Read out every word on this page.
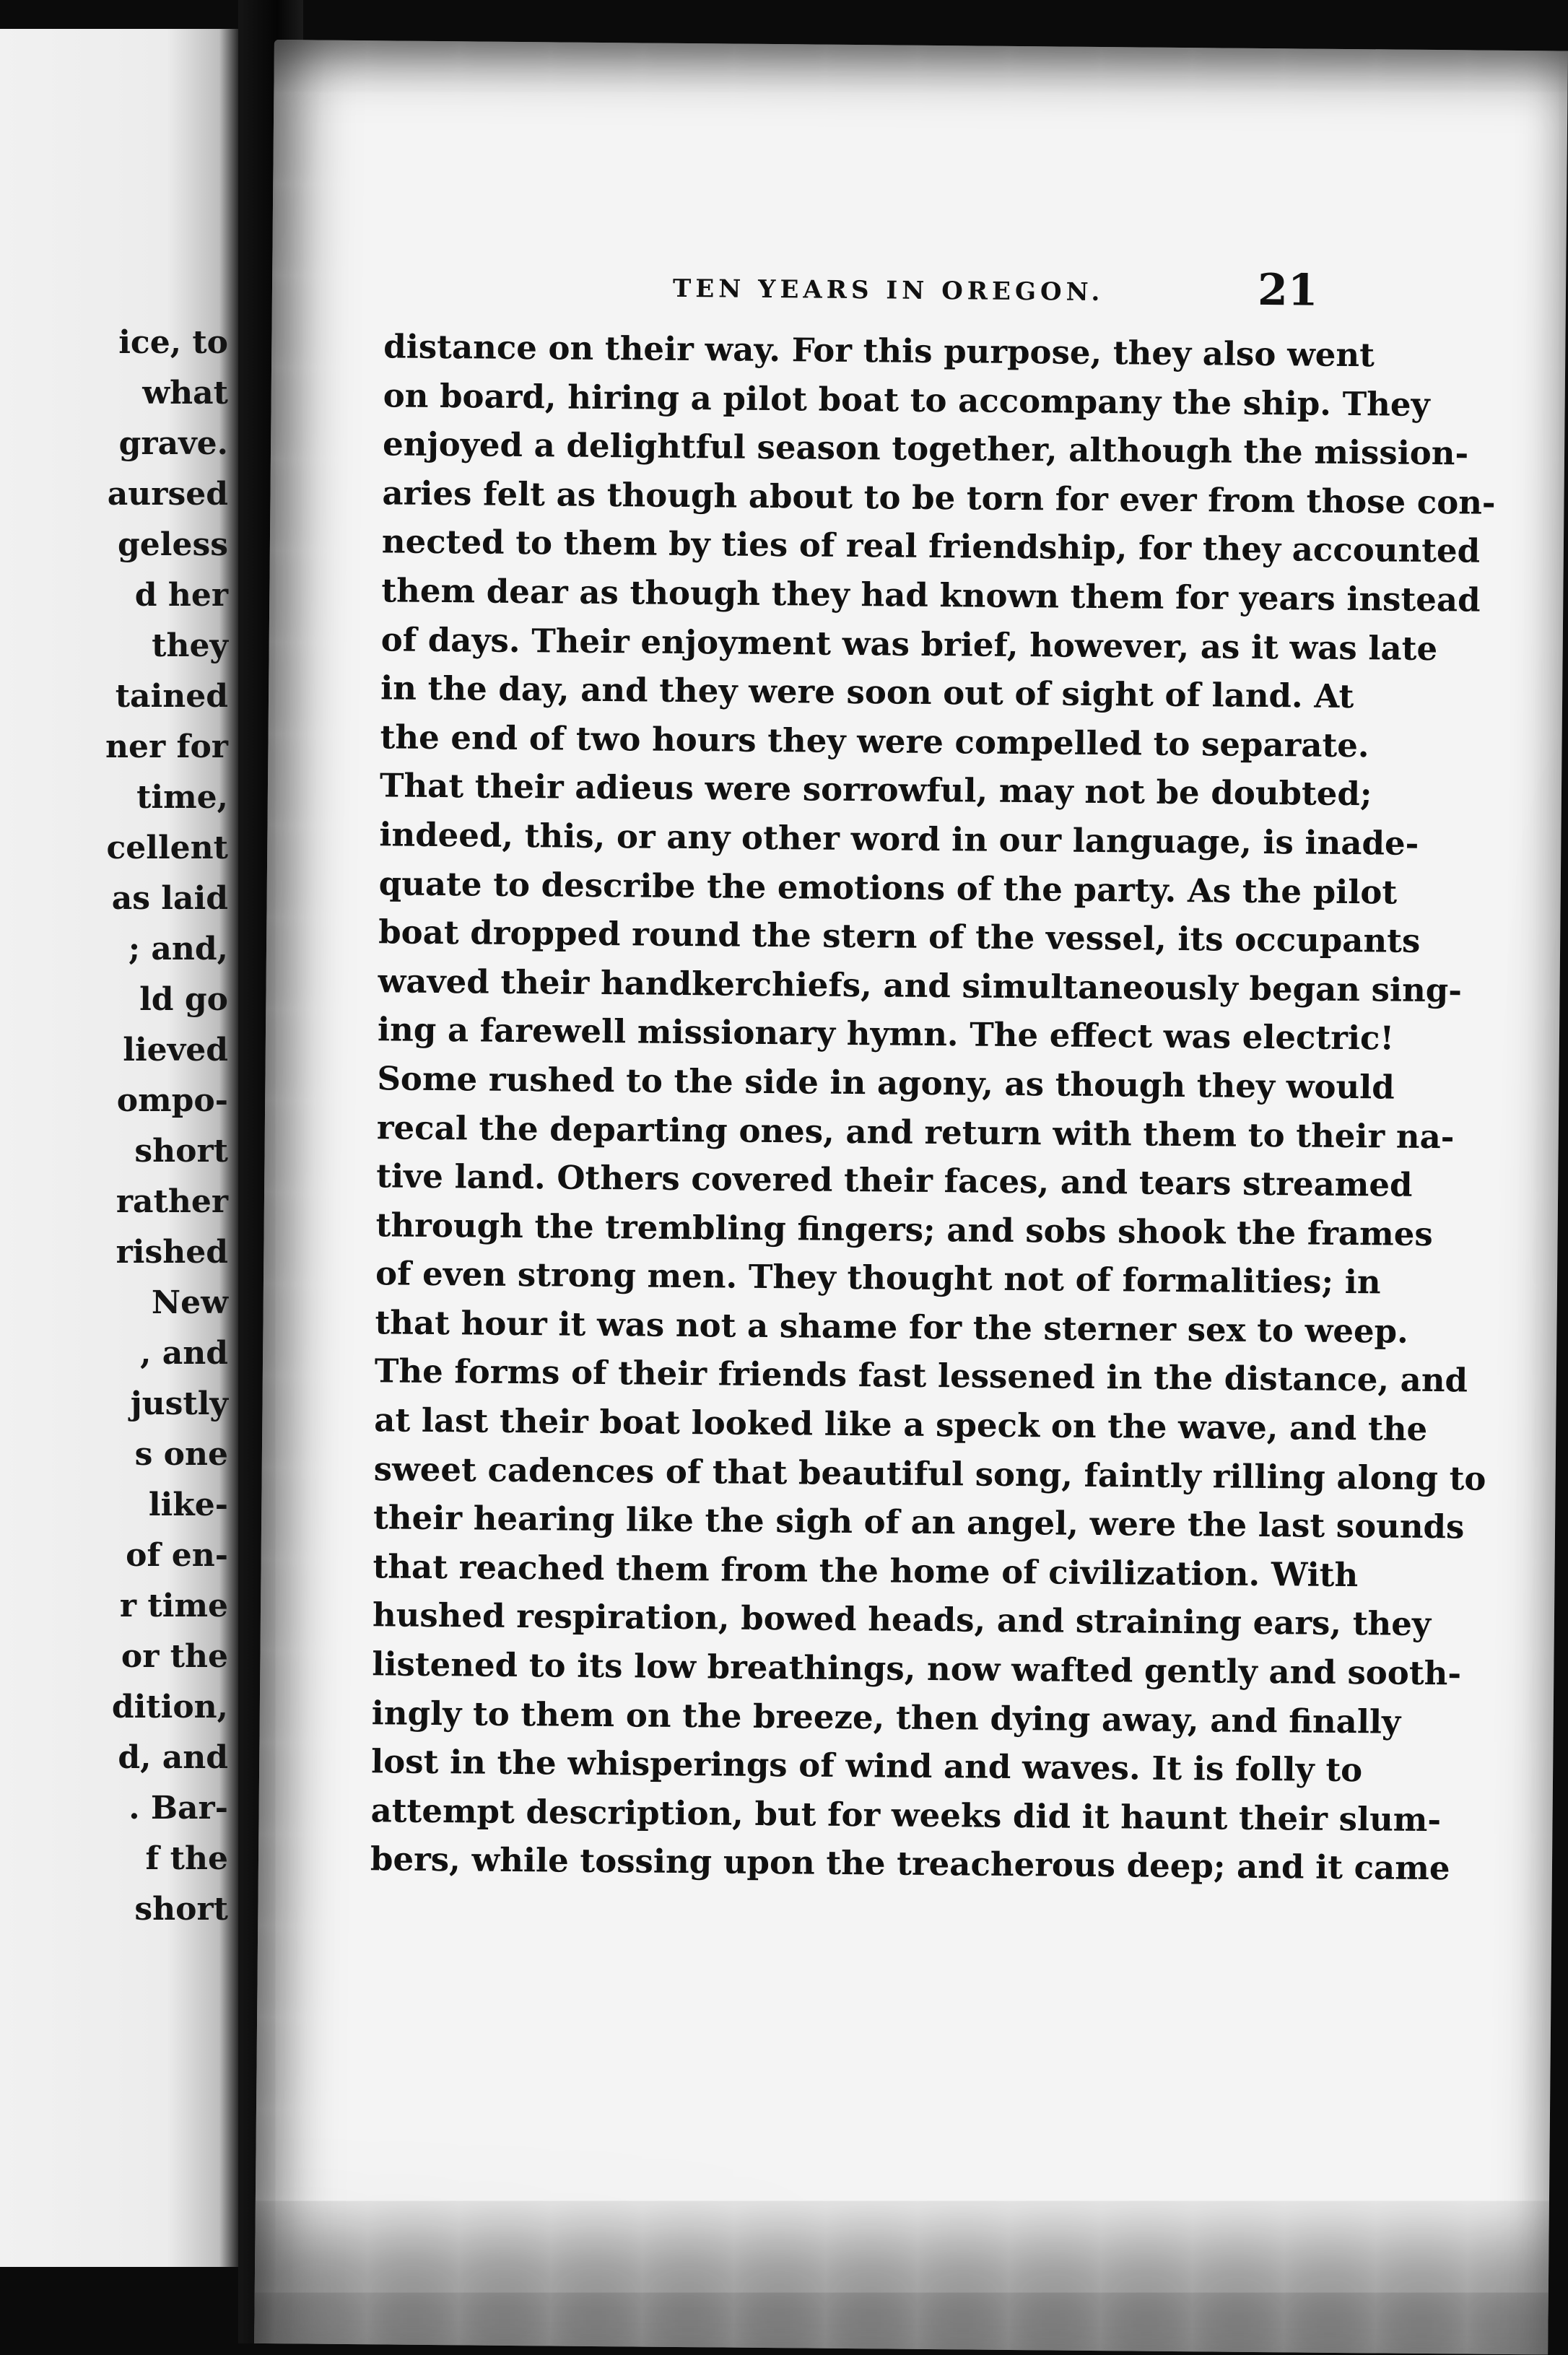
ice, to
what
grave.
aursed
geless
d her
they
tained
ner for
time,
cellent
as laid
; and,
ld go
lieved
ompo-
short
rather
rished
New
, and
justly
s one
like-
of en-
r time
or the
dition,
d, and
. Bar-
f the
short
TEN YEARS IN OREGON.	21
distance on their way. For this purpose, they also went
on board, hiring a pilot boat to accompany the ship. They
enjoyed a delightful season together, although the mission-
aries felt as though about to be torn for ever from those con-
nected to them by ties of real friendship, for they accounted
them dear as though they had known them for years instead
of days. Their enjoyment was brief, however, as it was late
in the day, and they were soon out of sight of land. At
the end of two hours they were compelled to separate.
That their adieus were sorrowful, may not be doubted;
indeed, this, or any other word in our language, is inade-
quate to describe the emotions of the party. As the pilot
boat dropped round the stern of the vessel, its occupants
waved their handkerchiefs, and simultaneously began sing-
ing a farewell missionary hymn. The effect was electric!
Some rushed to the side in agony, as though they would
recal the departing ones, and return with them to their na-
tive land. Others covered their faces, and tears streamed
through the trembling fingers; and sobs shook the frames
of even strong men. They thought not of formalities; in
that hour it was not a shame for the sterner sex to weep.
The forms of their friends fast lessened in the distance, and
at last their boat looked like a speck on the wave, and the
sweet cadences of that beautiful song, faintly rilling along to
their hearing like the sigh of an angel, were the last sounds
that reached them from the home of civilization. With
hushed respiration, bowed heads, and straining ears, they
listened to its low breathings, now wafted gently and sooth-
ingly to them on the breeze, then dying away, and finally
lost in the whisperings of wind and waves. It is folly to
attempt description, but for weeks did it haunt their slum-
bers, while tossing upon the treacherous deep; and it came
